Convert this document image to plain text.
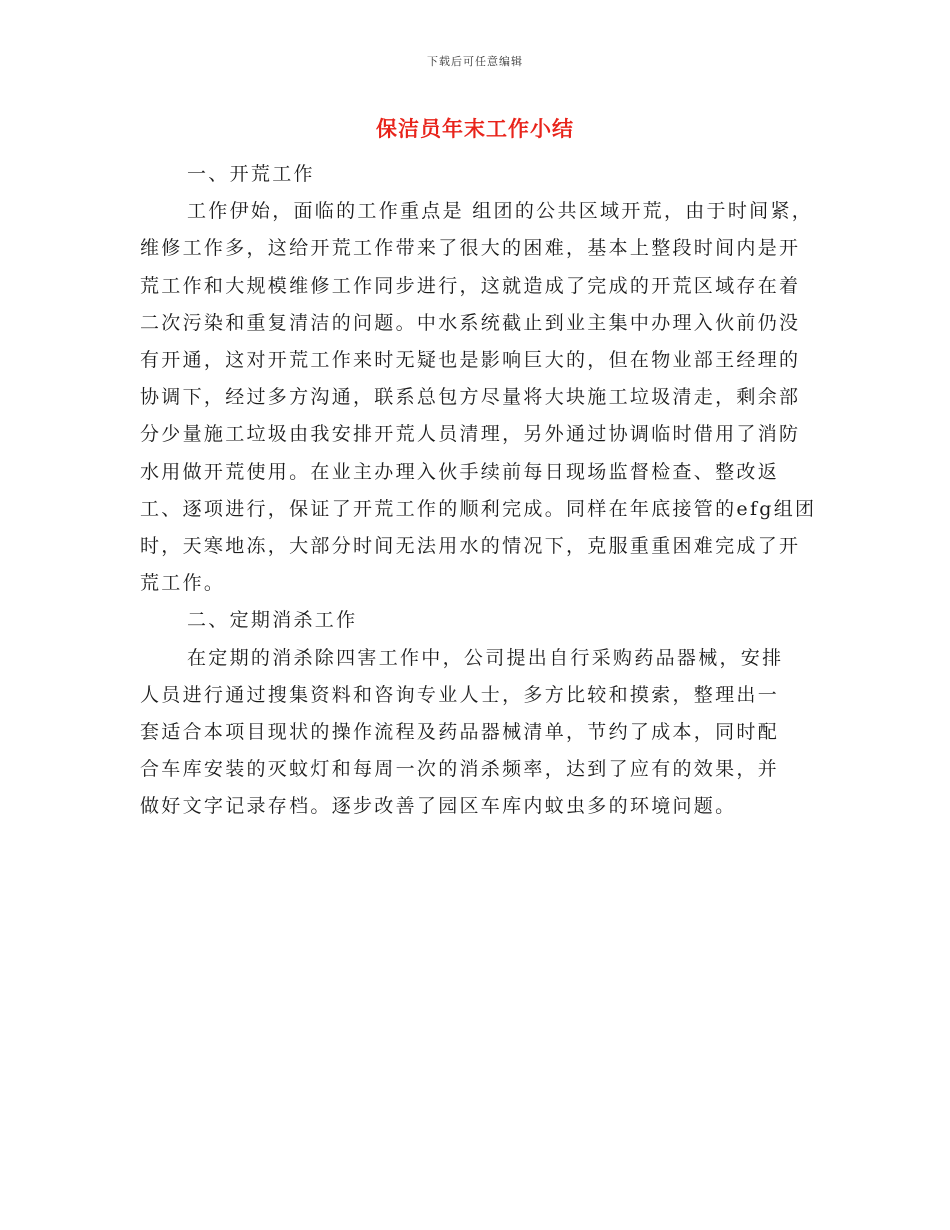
下载后可任意编辑
保洁员年末工作小结

一、开荒工作

工作伊始，面临的工作重点是 组团的公共区域开荒，由于时间紧，维修工作多，这给开荒工作带来了很大的困难，基本上整段时间内是开荒工作和大规模维修工作同步进行，这就造成了完成的开荒区域存在着二次污染和重复清洁的问题。中水系统截止到业主集中办理入伙前仍没有开通，这对开荒工作来时无疑也是影响巨大的，但在物业部王经理的协调下，经过多方沟通，联系总包方尽量将大块施工垃圾清走，剩余部分少量施工垃圾由我安排开荒人员清理，另外通过协调临时借用了消防水用做开荒使用。在业主办理入伙手续前每日现场监督检查、整改返工、逐项进行，保证了开荒工作的顺利完成。同样在年底接管的efg组团时，天寒地冻，大部分时间无法用水的情况下，克服重重困难完成了开荒工作。

二、定期消杀工作

在定期的消杀除四害工作中，公司提出自行采购药品器械，安排人员进行通过搜集资料和咨询专业人士，多方比较和摸索，整理出一套适合本项目现状的操作流程及药品器械清单，节约了成本，同时配合车库安装的灭蚊灯和每周一次的消杀频率，达到了应有的效果，并做好文字记录存档。逐步改善了园区车库内蚊虫多的环境问题。
